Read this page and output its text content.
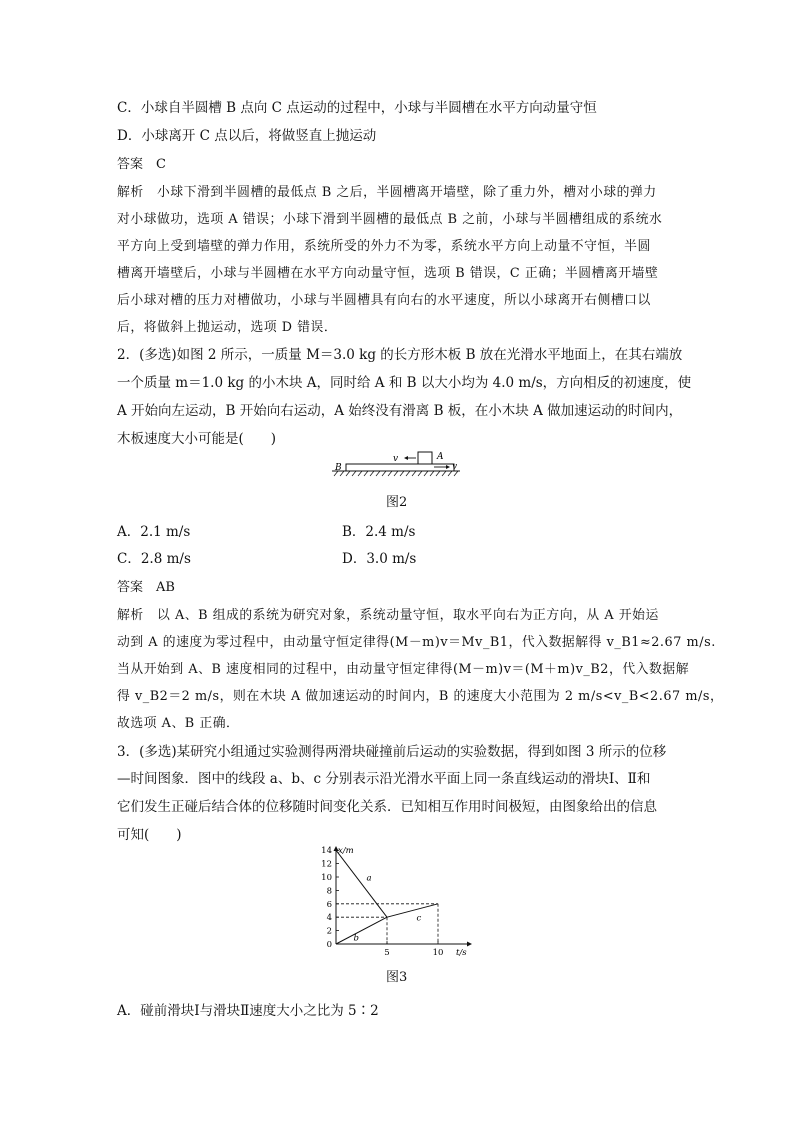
C．小球自半圆槽 B 点向 C 点运动的过程中，小球与半圆槽在水平方向动量守恒
D．小球离开 C 点以后，将做竖直上抛运动
答案　C
解析　小球下滑到半圆槽的最低点 B 之后，半圆槽离开墙壁，除了重力外，槽对小球的弹力
对小球做功，选项 A 错误；小球下滑到半圆槽的最低点 B 之前，小球与半圆槽组成的系统水
平方向上受到墙壁的弹力作用，系统所受的外力不为零，系统水平方向上动量不守恒，半圆
槽离开墙壁后，小球与半圆槽在水平方向动量守恒，选项 B 错误，C 正确；半圆槽离开墙壁
后小球对槽的压力对槽做功，小球与半圆槽具有向右的水平速度，所以小球离开右侧槽口以
后，将做斜上抛运动，选项 D 错误．
2．(多选)如图 2 所示，一质量 M＝3.0 kg 的长方形木板 B 放在光滑水平地面上，在其右端放
一个质量 m＝1.0 kg 的小木块 A，同时给 A 和 B 以大小均为 4.0 m/s，方向相反的初速度，使
A 开始向左运动，B 开始向右运动，A 始终没有滑离 B 板，在小木块 A 做加速运动的时间内，
木板速度大小可能是(　　)
B
A
v
v
图2
A．2.1 m/s	B．2.4 m/s
C．2.8 m/s	D．3.0 m/s
答案　AB
解析　以 A、B 组成的系统为研究对象，系统动量守恒，取水平向右为正方向，从 A 开始运
动到 A 的速度为零过程中，由动量守恒定律得(M－m)v＝Mv_B1，代入数据解得 v_B1≈2.67 m/s.
当从开始到 A、B 速度相同的过程中，由动量守恒定律得(M－m)v＝(M＋m)v_B2，代入数据解
得 v_B2＝2 m/s，则在木块 A 做加速运动的时间内，B 的速度大小范围为 2 m/s<v_B<2.67 m/s，
故选项 A、B 正确．
3．(多选)某研究小组通过实验测得两滑块碰撞前后运动的实验数据，得到如图 3 所示的位移
—时间图象．图中的线段 a、b、c 分别表示沿光滑水平面上同一条直线运动的滑块Ⅰ、Ⅱ和
它们发生正碰后结合体的位移随时间变化关系．已知相互作用时间极短，由图象给出的信息
可知(　　)
x/m
t/s
0
2
4
6
8
10
12
14
5	10
a
b
c
图3
A．碰前滑块Ⅰ与滑块Ⅱ速度大小之比为 5∶2
